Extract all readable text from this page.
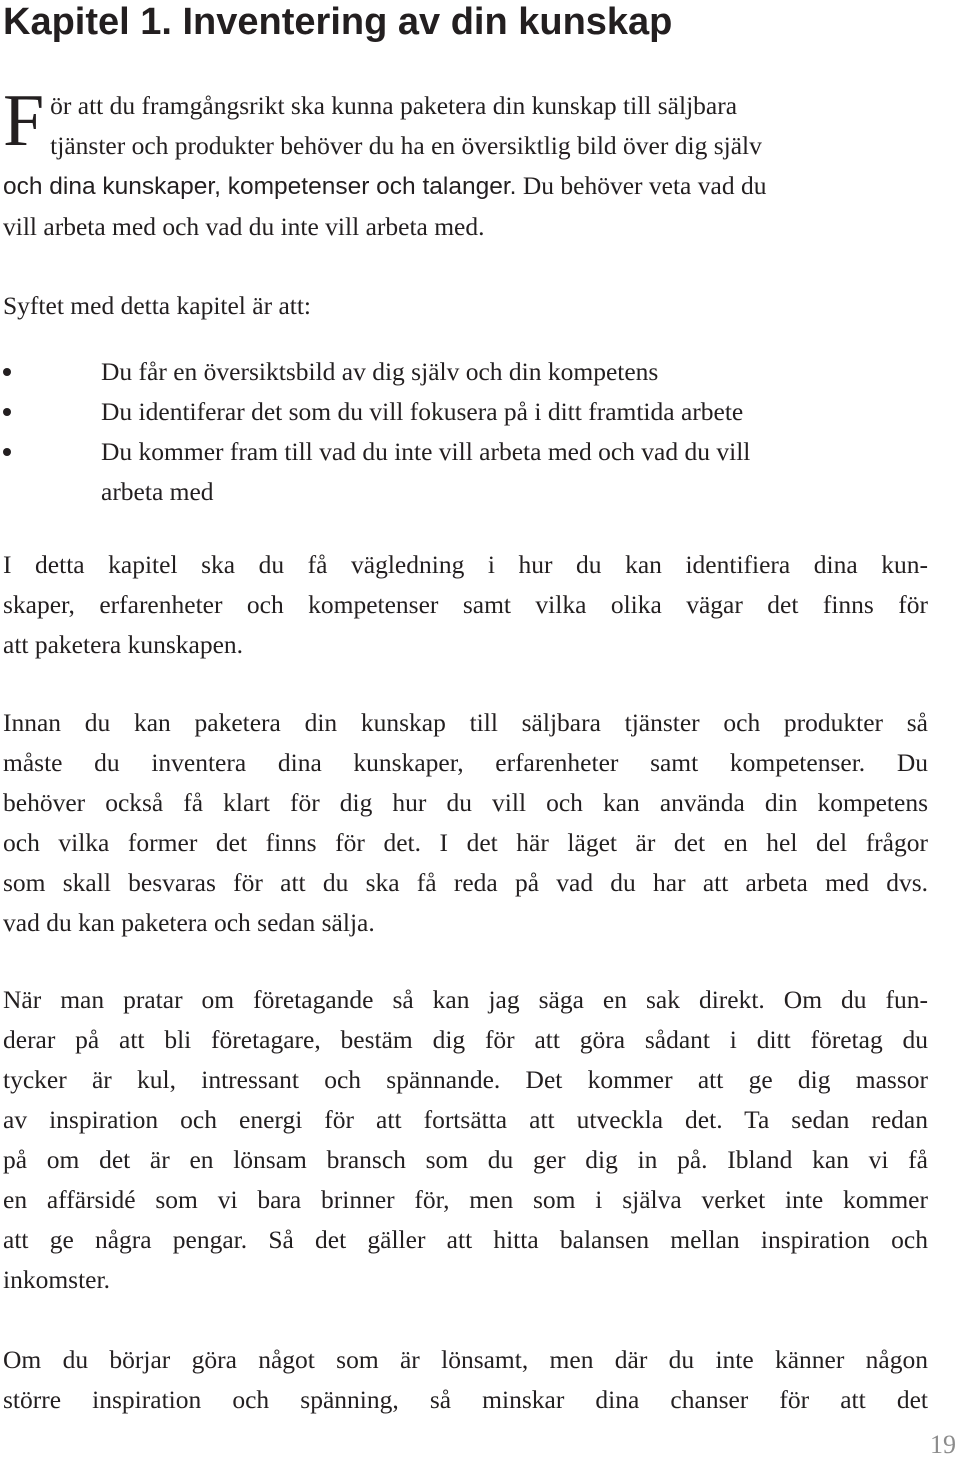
Kapitel 1. Inventering av din kunskap
F ör att du framgångsrikt ska kunna paketera din kunskap till säljbara
tjänster och produkter behöver du ha en översiktlig bild över dig själv
och dina kunskaper, kompetenser och talanger. Du behöver veta vad du
vill arbeta med och vad du inte vill arbeta med.

Syftet med detta kapitel är att:

Du får en översiktsbild av dig själv och din kompetens
Du identiferar det som du vill fokusera på i ditt framtida arbete
Du kommer fram till vad du inte vill arbeta med och vad du vill
arbeta med
I detta kapitel ska du få vägledning i hur du kan identifiera dina kun-
skaper, erfarenheter och kompetenser samt vilka olika vägar det finns för
att paketera kunskapen.
Innan du kan paketera din kunskap till säljbara tjänster och produkter så
måste du inventera dina kunskaper, erfarenheter samt kompetenser. Du
behöver också få klart för dig hur du vill och kan använda din kompetens
och vilka former det finns för det. I det här läget är det en hel del frågor
som skall besvaras för att du ska få reda på vad du har att arbeta med dvs.
vad du kan paketera och sedan sälja.
När man pratar om företagande så kan jag säga en sak direkt. Om du fun-
derar på att bli företagare, bestäm dig för att göra sådant i ditt företag du
tycker är kul, intressant och spännande. Det kommer att ge dig massor
av inspiration och energi för att fortsätta att utveckla det. Ta sedan redan
på om det är en lönsam bransch som du ger dig in på. Ibland kan vi få
en affärsidé som vi bara brinner för, men som i själva verket inte kommer
att ge några pengar. Så det gäller att hitta balansen mellan inspiration och
inkomster.
Om du börjar göra något som är lönsamt, men där du inte känner någon
större inspiration och spänning, så minskar dina chanser för att det
19
